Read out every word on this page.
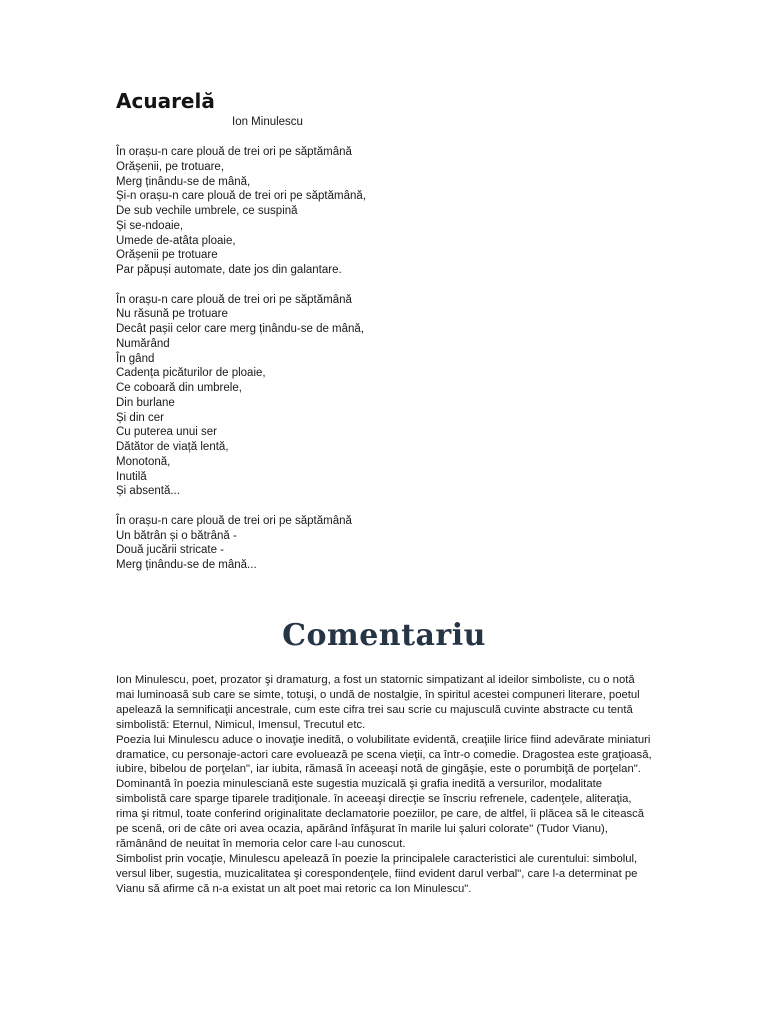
Acuarelă
Ion Minulescu
În orașu-n care plouă de trei ori pe săptămână
Orășenii, pe trotuare,
Merg ținându-se de mână,
Și-n orașu-n care plouă de trei ori pe săptămână,
De sub vechile umbrele, ce suspină
Și se-ndoaie,
Umede de-atâta ploaie,
Orășenii pe trotuare
Par păpuși automate, date jos din galantare.
În orașu-n care plouă de trei ori pe săptămână
Nu răsună pe trotuare
Decât pașii celor care merg ținându-se de mână,
Numărând
În gând
Cadența picăturilor de ploaie,
Ce coboară din umbrele,
Din burlane
Și din cer
Cu puterea unui ser
Dătător de viață lentă,
Monotonă,
Inutilă
Și absentă...
În orașu-n care plouă de trei ori pe săptămână
Un bătrân și o bătrână -
Două jucării stricate -
Merg ținându-se de mână...
Comentariu

Ion Minulescu, poet, prozator şi dramaturg, a fost un statornic simpatizant al ideilor simboliste, cu o notă mai luminoasă sub care se simte, totuşi, o undă de nostalgie, în spiritul acestei compuneri literare, poetul apelează la semnificaţii ancestrale, cum este cifra trei sau scrie cu majusculă cuvinte abstracte cu tentă simbolistă: Eternul, Nimicul, Imensul, Trecutul etc.

Poezia lui Minulescu aduce o inovaţie inedită, o volubilitate evidentă, creaţiile lirice fiind adevărate miniaturi dramatice, cu personaje-actori care evoluează pe scena vieţii, ca într-o comedie. Dragostea este graţioasă, iubire, bibelou de porţelan", iar iubita, rămasă în aceeaşi notă de gingăşie, este o porumbiţă de porţelan".

Dominantă în poezia minulesciană este sugestia muzicală şi grafia inedită a versurilor, modalitate simbolistă care sparge tiparele tradiţionale. în aceeaşi direcţie se înscriu refrenele, cadenţele, aliteraţia, rima şi ritmul, toate conferind originalitate declamatorie poeziilor, pe care, de altfel, îi plăcea să le citească pe scenă, ori de câte ori avea ocazia, apărând înfăşurat în marile lui şaluri colorate" (Tudor Vianu), rămânând de neuitat în memoria celor care l-au cunoscut.

Simbolist prin vocaţie, Minulescu apelează în poezie la principalele caracteristici ale curentului: simbolul, versul liber, sugestia, muzicalitatea şi corespondenţele, fiind evident darul verbal", care l-a determinat pe Vianu să afirme că n-a existat un alt poet mai retoric ca Ion Minulescu".
